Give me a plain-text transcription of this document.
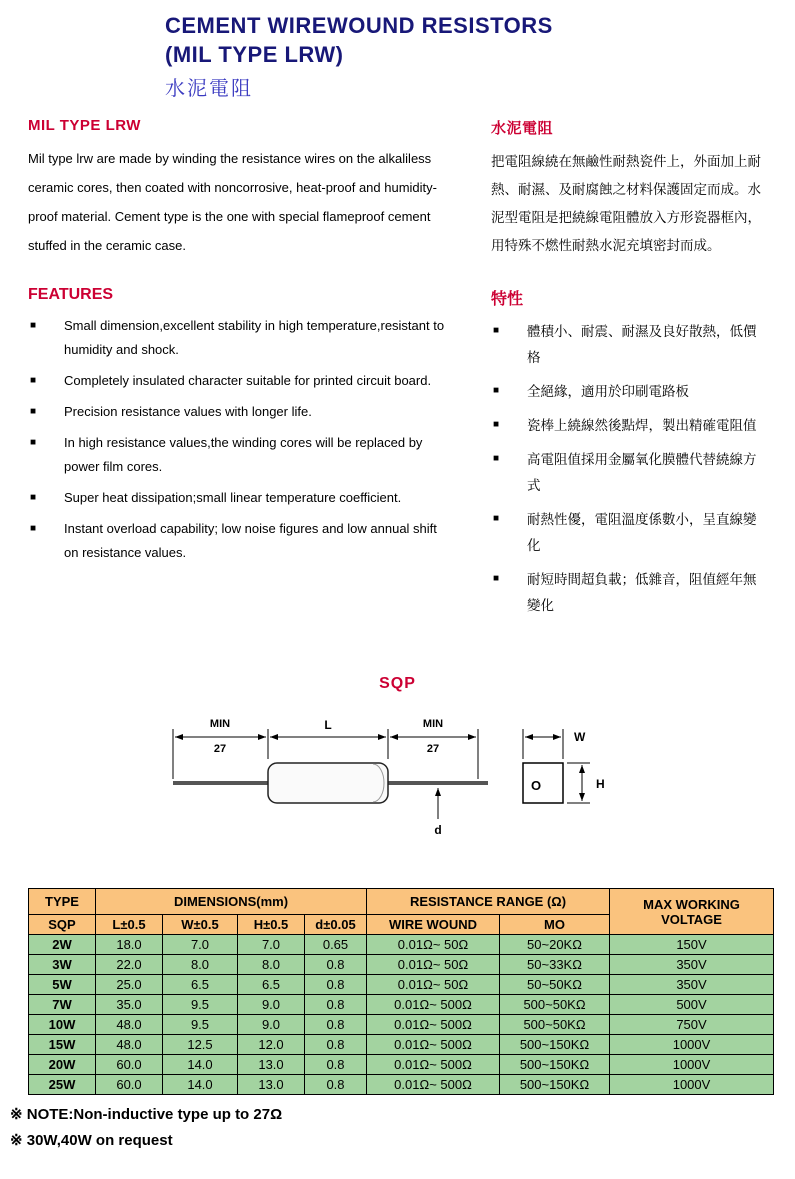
CEMENT WIREWOUND RESISTORS
(MIL TYPE LRW)
水泥電阻
MIL TYPE LRW

Mil type lrw are made by winding the resistance wires on the alkaliless ceramic cores, then coated with noncorrosive, heat-proof and humidity-proof material. Cement type is the one with special flameproof cement stuffed in the ceramic case.

FEATURES
■ Small dimension,excellent stability in high temperature,resistant to humidity and shock.
■ Completely insulated character suitable for printed circuit board.
■ Precision resistance values with longer life.
■ In high resistance values,the winding cores will be replaced by power film cores.
■ Super heat dissipation;small linear temperature coefficient.
■ Instant overload capability; low noise figures and low annual shift on resistance values.
水泥電阻

把電阻線繞在無鹼性耐熱瓷件上，外面加上耐熱、耐濕、及耐腐蝕之材料保護固定而成。水泥型電阻是把繞線電阻體放入方形瓷器框內，用特殊不燃性耐熱水泥充填密封而成。

特性
■ 體積小、耐震、耐濕及良好散熱，低價格
■ 全絕緣，適用於印刷電路板
■ 瓷棒上繞線然後點焊，製出精確電阻值
■ 高電阻值採用金屬氧化膜體代替繞線方式
■ 耐熱性優，電阻溫度係數小，呈直線變化
■ 耐短時間超負載；低雜音，阻值經年無變化
SQP
MIN
27
L	MIN
27
d
O
W
H
TYPE	DIMENSIONS(mm)				RESISTANCE RANGE (Ω)		MAX WORKING VOLTAGE
SQP	L±0.5	W±0.5	H±0.5	d±0.05	WIRE WOUND	MO	
2W	18.0	7.0	7.0	0.65	0.01Ω~ 50Ω	50~20KΩ	150V
3W	22.0	8.0	8.0	0.8	0.01Ω~ 50Ω	50~33KΩ	350V
5W	25.0	6.5	6.5	0.8	0.01Ω~ 50Ω	50~50KΩ	350V
7W	35.0	9.5	9.0	0.8	0.01Ω~ 500Ω	500~50KΩ	500V
10W	48.0	9.5	9.0	0.8	0.01Ω~ 500Ω	500~50KΩ	750V
15W	48.0	12.5	12.0	0.8	0.01Ω~ 500Ω	500~150KΩ	1000V
20W	60.0	14.0	13.0	0.8	0.01Ω~ 500Ω	500~150KΩ	1000V
25W	60.0	14.0	13.0	0.8	0.01Ω~ 500Ω	500~150KΩ	1000V
※ NOTE:Non-inductive type up to 27Ω
※ 30W,40W on request
